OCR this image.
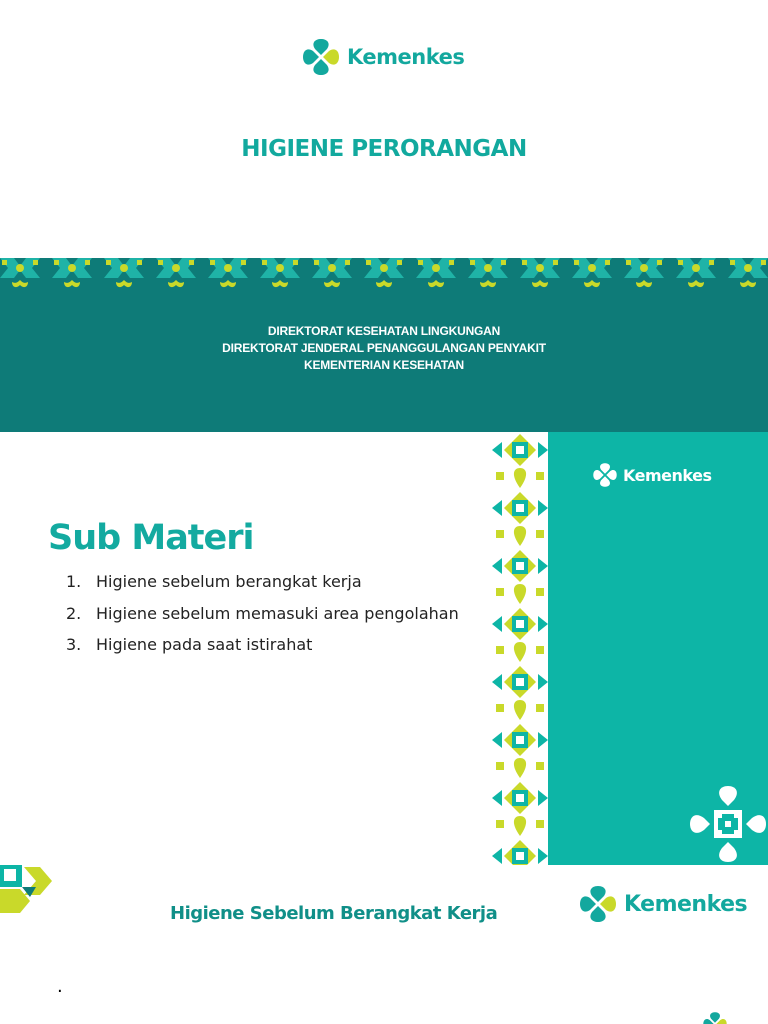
Kemenkes
HIGIENE PERORANGAN
DIREKTORAT KESEHATAN LINGKUNGAN
DIREKTORAT JENDERAL PENANGGULANGAN PENYAKIT
KEMENTERIAN KESEHATAN
Sub Materi
1. Higiene sebelum berangkat kerja
2. Higiene sebelum memasuki area pengolahan
3. Higiene pada saat istirahat
Kemenkes
Higiene Sebelum Berangkat Kerja	Kemenkes
.
